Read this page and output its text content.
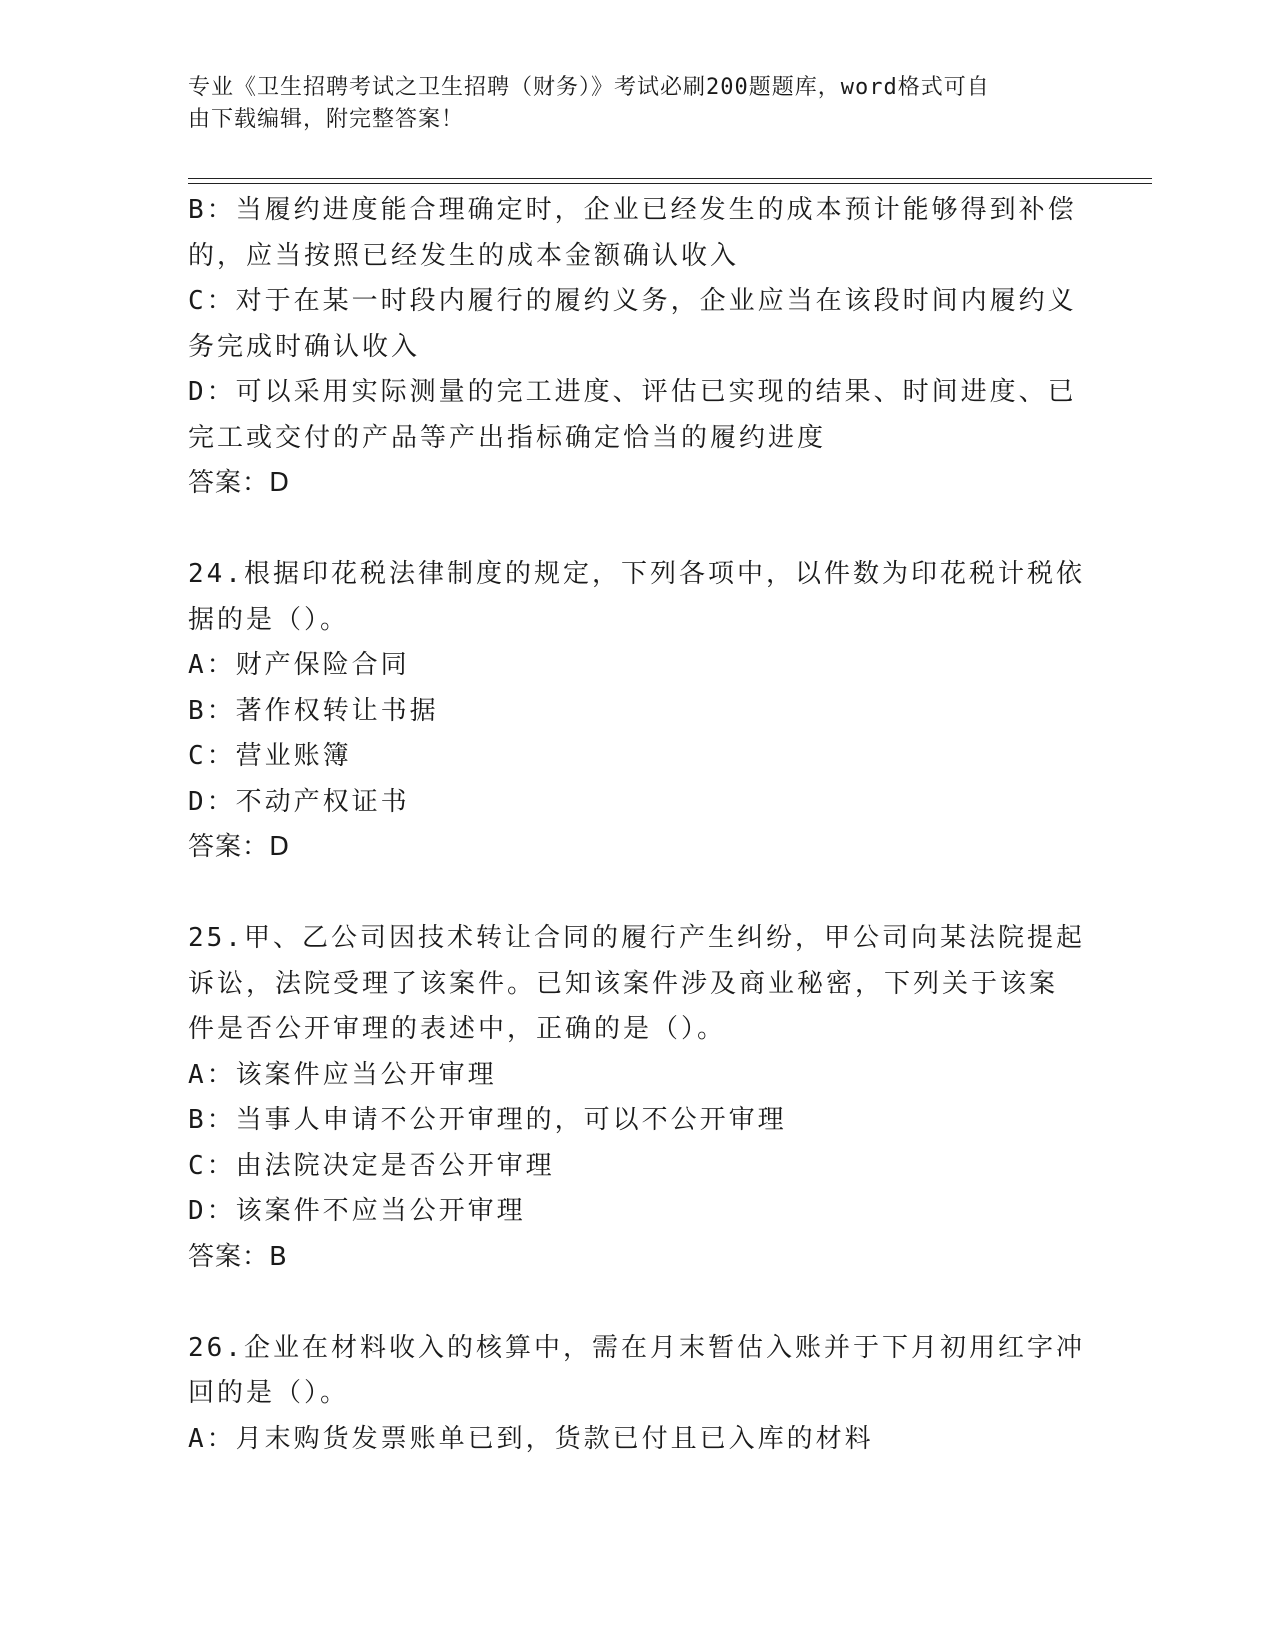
专业《卫生招聘考试之卫生招聘（财务）》考试必刷200题题库，word格式可自
由下载编辑，附完整答案！

B：当履约进度能合理确定时，企业已经发生的成本预计能够得到补偿

的，应当按照已经发生的成本金额确认收入

C：对于在某一时段内履行的履约义务，企业应当在该段时间内履约义

务完成时确认收入

D：可以采用实际测量的完工进度、评估已实现的结果、时间进度、已

完工或交付的产品等产出指标确定恰当的履约进度

答案：D

24.根据印花税法律制度的规定，下列各项中，以件数为印花税计税依

据的是（）。

A：财产保险合同

B：著作权转让书据

C：营业账簿

D：不动产权证书

答案：D

25.甲、乙公司因技术转让合同的履行产生纠纷，甲公司向某法院提起

诉讼，法院受理了该案件。已知该案件涉及商业秘密，下列关于该案

件是否公开审理的表述中，正确的是（）。

A：该案件应当公开审理

B：当事人申请不公开审理的，可以不公开审理

C：由法院决定是否公开审理

D：该案件不应当公开审理

答案：B

26.企业在材料收入的核算中，需在月末暂估入账并于下月初用红字冲

回的是（）。

A：月末购货发票账单已到，货款已付且已入库的材料
